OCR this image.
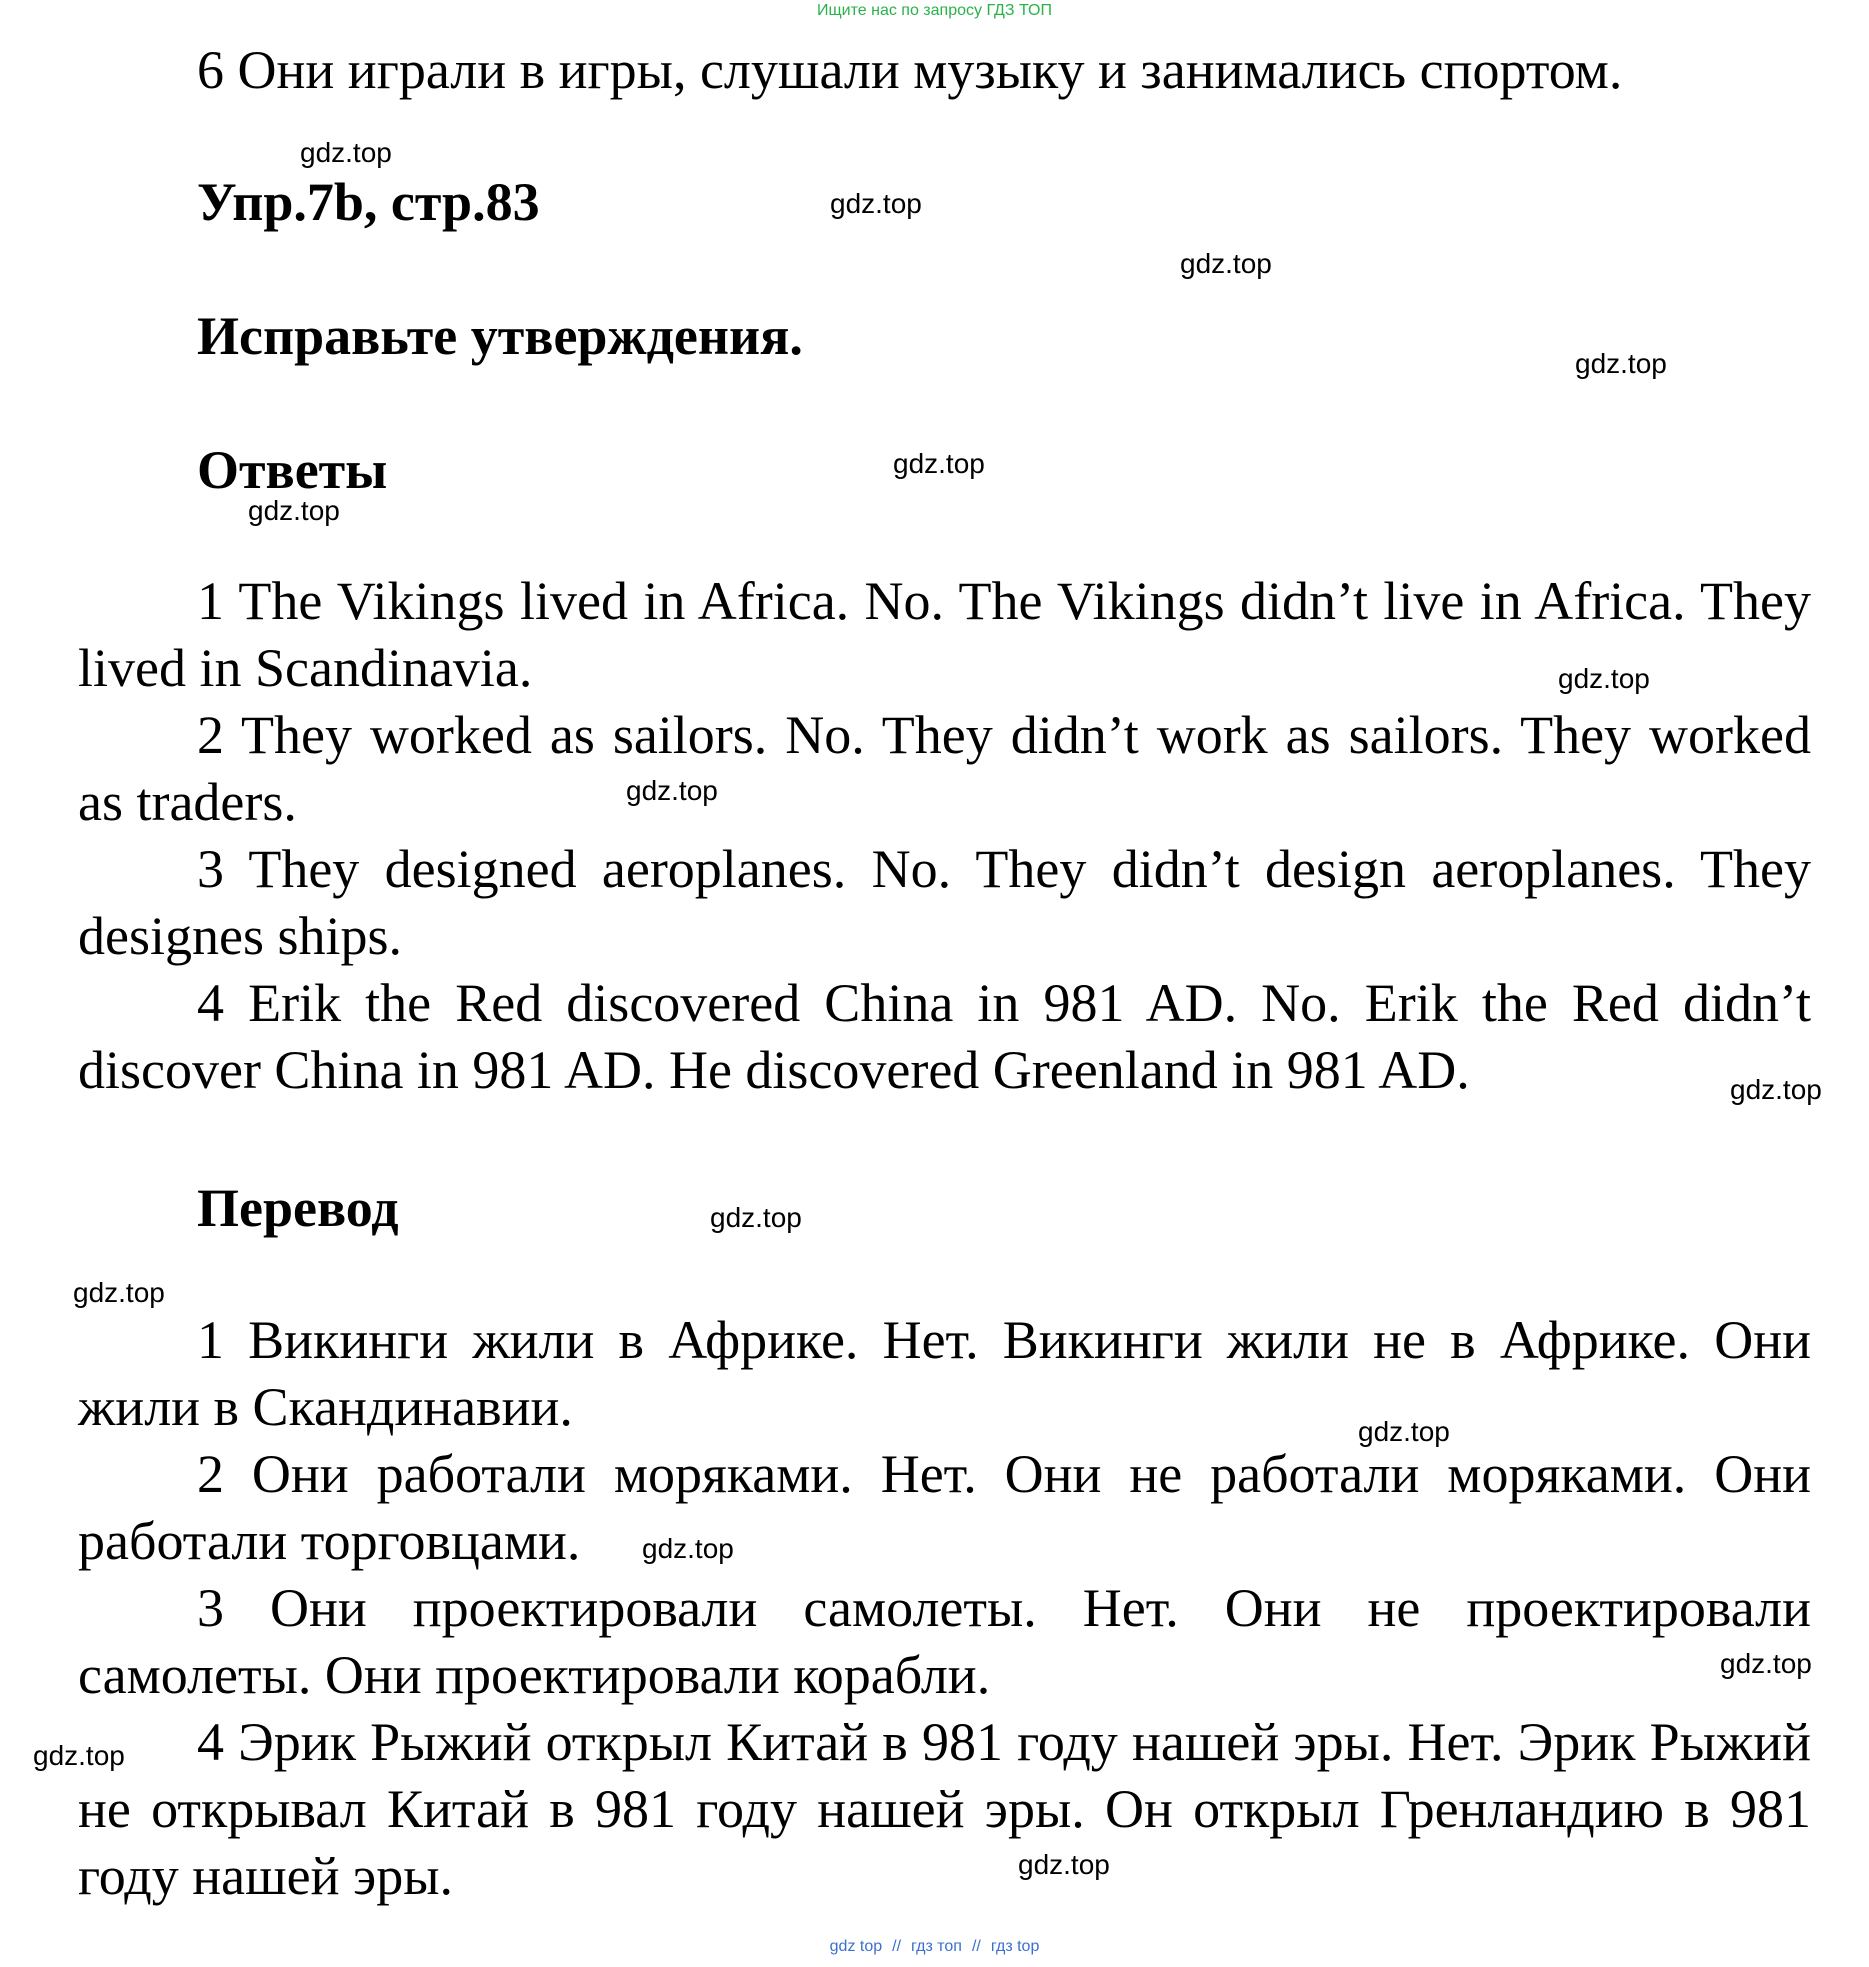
Ищите нас по запросу ГДЗ ТОП
6 Они играли в игры, слушали музыку и занимались спортом.
Упр.7b, стр.83
Исправьте утверждения.
Ответы
1 The Vikings lived in Africa. No. The Vikings didn’t live in Africa. They lived in Scandinavia.
2 They worked as sailors. No. They didn’t work as sailors. They worked as traders.
3 They designed aeroplanes. No. They didn’t design aeroplanes. They designes ships.
4 Erik the Red discovered China in 981 AD. No. Erik the Red didn’t discover China in 981 AD. He discovered Greenland in 981 AD.
Перевод
1 Викинги жили в Африке. Нет. Викинги жили не в Африке. Они жили в Скандинавии.
2 Они работали моряками. Нет. Они не работали моряками. Они работали торговцами.
3 Они проектировали самолеты. Нет. Они не проектировали самолеты. Они проектировали корабли.
4 Эрик Рыжий открыл Китай в 981 году нашей эры. Нет. Эрик Рыжий не открывал Китай в 981 году нашей эры. Он открыл Гренландию в 981 году нашей эры.
gdz.top
gdz.top
gdz.top
gdz.top
gdz.top
gdz.top
gdz.top
gdz.top
gdz.top
gdz.top
gdz.top
gdz.top
gdz.top
gdz.top
gdz.top
gdz.top
gdz top // гдз топ // гдз top
